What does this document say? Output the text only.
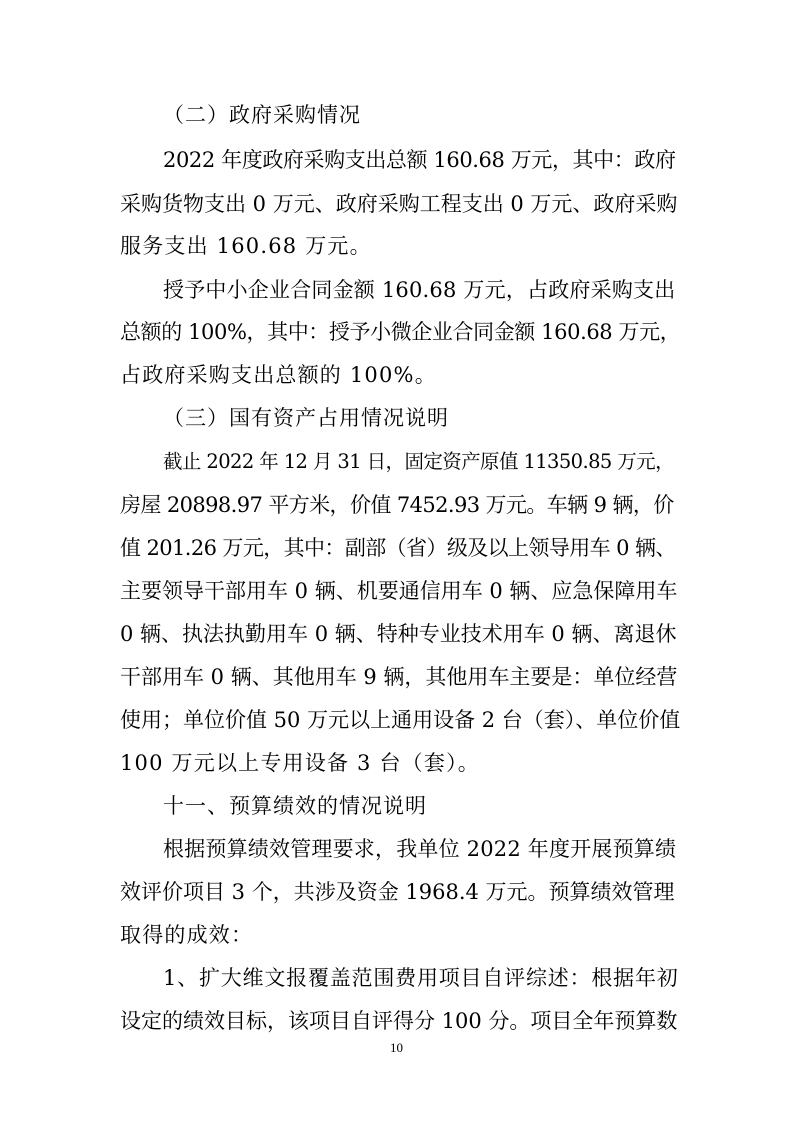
（二）政府采购情况
2022 年度政府采购支出总额 160.68 万元，其中：政府
采购货物支出 0 万元、政府采购工程支出 0 万元、政府采购
服务支出 160.68 万元。
授予中小企业合同金额 160.68 万元，占政府采购支出
总额的 100%，其中：授予小微企业合同金额 160.68 万元，
占政府采购支出总额的 100%。
（三）国有资产占用情况说明
截止 2022 年 12 月 31 日，固定资产原值 11350.85 万元，
房屋 20898.97 平方米，价值 7452.93 万元。车辆 9 辆，价
值 201.26 万元，其中：副部（省）级及以上领导用车 0 辆、
主要领导干部用车 0 辆、机要通信用车 0 辆、应急保障用车
0 辆、执法执勤用车 0 辆、特种专业技术用车 0 辆、离退休
干部用车 0 辆、其他用车 9 辆，其他用车主要是：单位经营
使用；单位价值 50 万元以上通用设备 2 台（套）、单位价值
100 万元以上专用设备 3 台（套）。
十一、预算绩效的情况说明
根据预算绩效管理要求，我单位 2022 年度开展预算绩
效评价项目 3 个，共涉及资金 1968.4 万元。预算绩效管理
取得的成效：
1、扩大维文报覆盖范围费用项目自评综述：根据年初
设定的绩效目标，该项目自评得分 100 分。项目全年预算数
10
